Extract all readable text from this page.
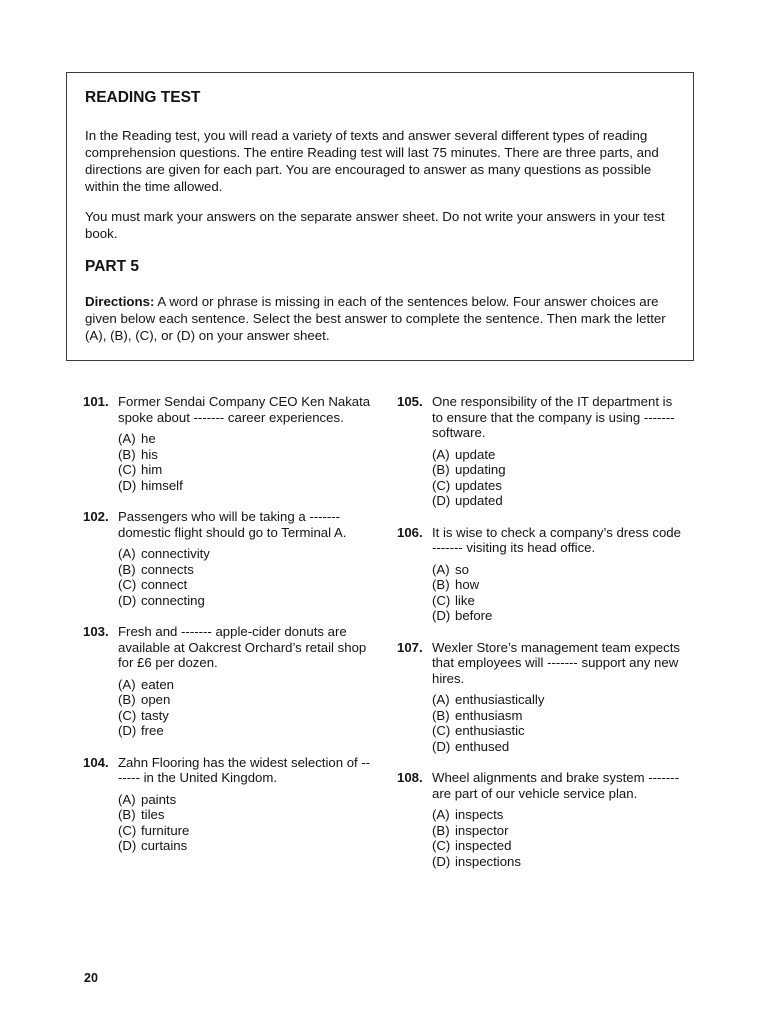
READING TEST

In the Reading test, you will read a variety of texts and answer several different types of reading comprehension questions. The entire Reading test will last 75 minutes. There are three parts, and directions are given for each part. You are encouraged to answer as many questions as possible within the time allowed.

You must mark your answers on the separate answer sheet. Do not write your answers in your test book.

PART 5

Directions: A word or phrase is missing in each of the sentences below. Four answer choices are given below each sentence. Select the best answer to complete the sentence. Then mark the letter (A), (B), (C), or (D) on your answer sheet.

101. Former Sendai Company CEO Ken Nakata spoke about ------- career experiences.
(A) he
(B) his
(C) him
(D) himself
102. Passengers who will be taking a ------- domestic flight should go to Terminal A.
(A) connectivity
(B) connects
(C) connect
(D) connecting
103. Fresh and ------- apple-cider donuts are available at Oakcrest Orchard’s retail shop for £6 per dozen.
(A) eaten
(B) open
(C) tasty
(D) free
104. Zahn Flooring has the widest selection of ------- in the United Kingdom.
(A) paints
(B) tiles
(C) furniture
(D) curtains
105. One responsibility of the IT department is to ensure that the company is using ------- software.
(A) update
(B) updating
(C) updates
(D) updated
106. It is wise to check a company’s dress code ------- visiting its head office.
(A) so
(B) how
(C) like
(D) before
107. Wexler Store’s management team expects that employees will ------- support any new hires.
(A) enthusiastically
(B) enthusiasm
(C) enthusiastic
(D) enthused
108. Wheel alignments and brake system ------- are part of our vehicle service plan.
(A) inspects
(B) inspector
(C) inspected
(D) inspections
20
